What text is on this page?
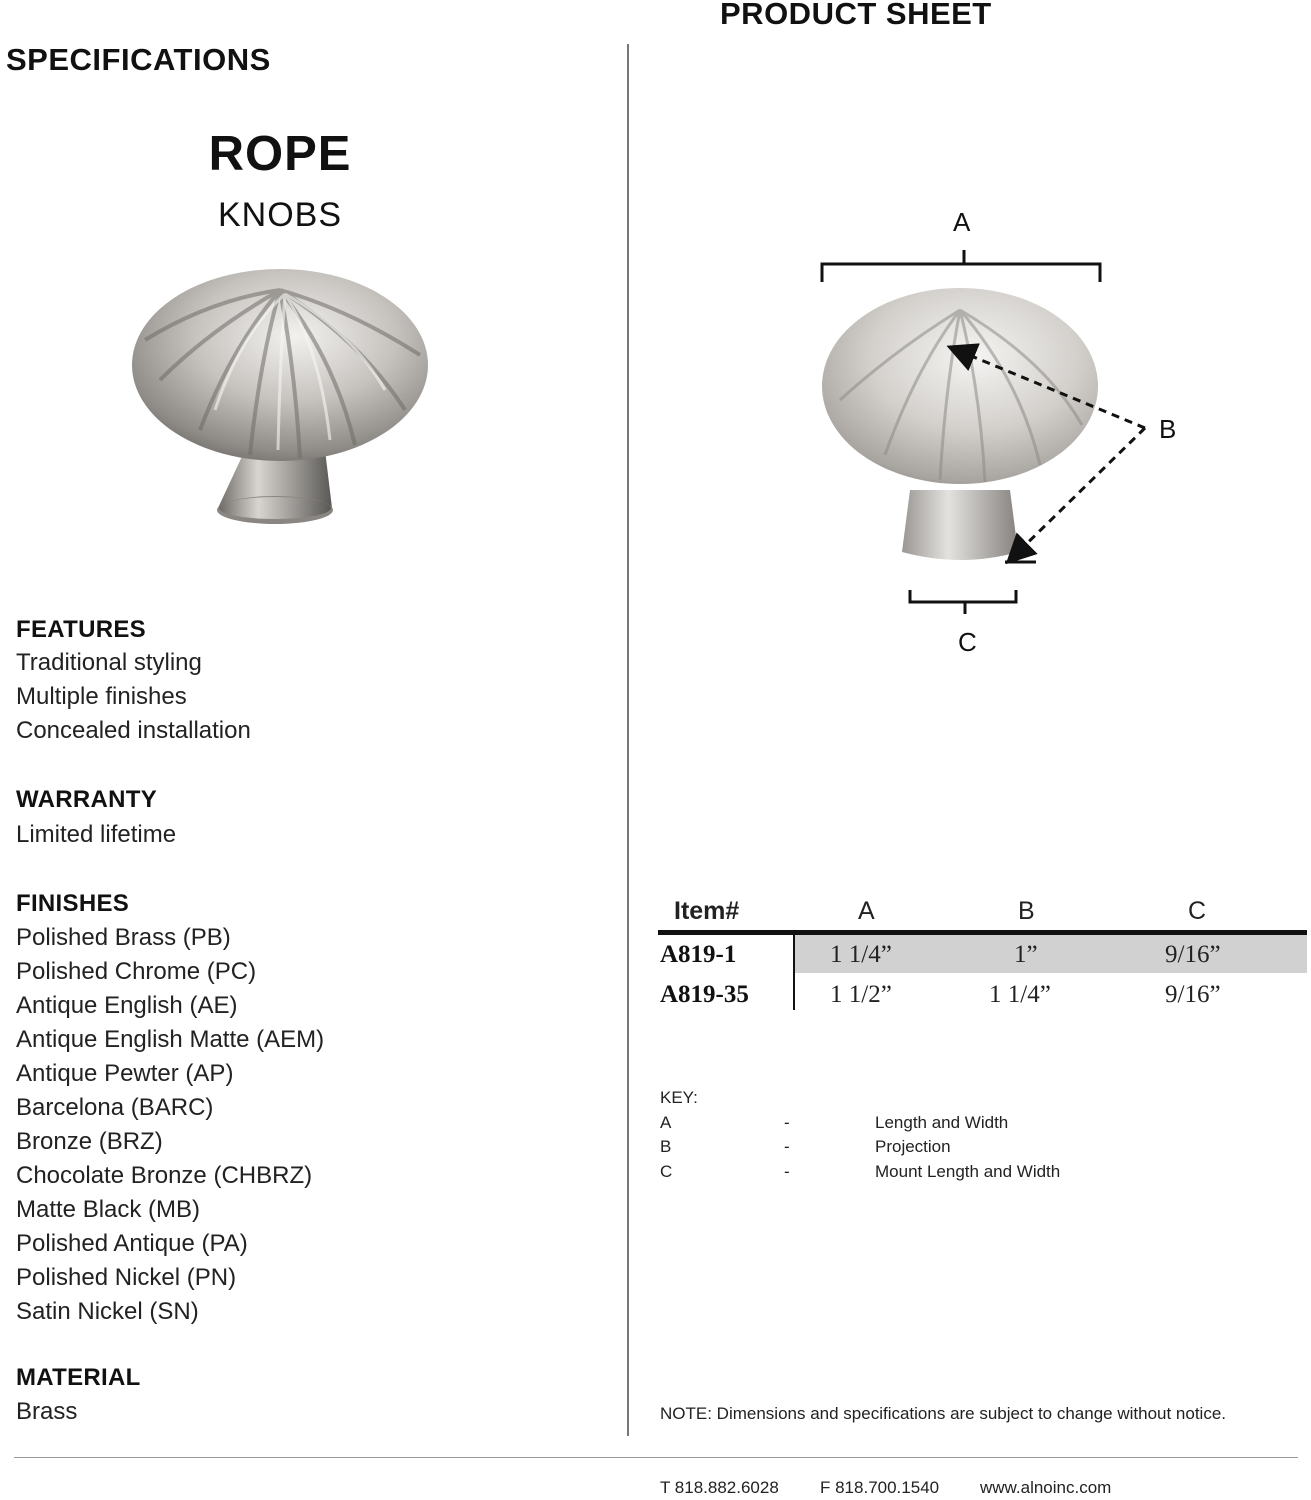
SPECIFICATIONS
PRODUCT SHEET
ROPE
KNOBS
FEATURES
Traditional styling
Multiple finishes
Concealed installation
WARRANTY
Limited lifetime
FINISHES
Polished Brass (PB)
Polished Chrome (PC)
Antique English (AE)
Antique English Matte (AEM)
Antique Pewter (AP)
Barcelona (BARC)
Bronze (BRZ)
Chocolate Bronze (CHBRZ)
Matte Black (MB)
Polished Antique (PA)
Polished Nickel (PN)
Satin Nickel (SN)
MATERIAL
Brass
A
B
C
Item#	A	B	C
A819-1	1 1/4”	1”	9/16”
A819-35	1 1/2”	1 1/4”	9/16”
KEY:
A	-	Length and Width
B	-	Projection
C	-	Mount Length and Width
NOTE: Dimensions and specifications are subject to change without notice.
T 818.882.6028 F 818.700.1540 www.alnoinc.com
